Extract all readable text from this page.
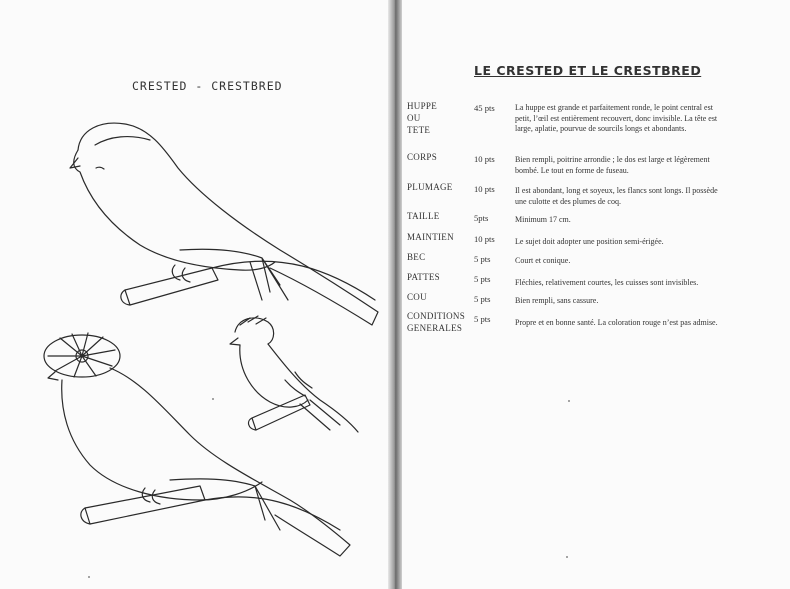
CRESTED - CRESTBRED
LE CRESTED ET LE CRESTBRED
HUPPE
OU
TETE
45 pts	La huppe est grande et parfaitement ronde, le point central est petit, l’œil est entièrement recouvert, donc invisible. La tête est large, aplatie, pourvue de sourcils longs et abondants.
CORPS	10 pts	Bien rempli, poitrine arrondie ; le dos est large et légèrement bombé. Le tout en forme de fuseau.
PLUMAGE 10 pts	Il est abondant, long et soyeux, les flancs sont longs. Il possède une culotte et des plumes de coq.
TAILLE	5pts	Minimum 17 cm.
MAINTIEN 10 pts	Le sujet doit adopter une position semi-érigée.
BEC	5 pts	Court et conique.
PATTES	5 pts	Fléchies, relativement courtes, les cuisses sont invisibles.
COU	5 pts	Bien rempli, sans cassure.
CONDITIONS
GENERALES
5 pts	Propre et en bonne santé. La coloration rouge n’est pas admise.
